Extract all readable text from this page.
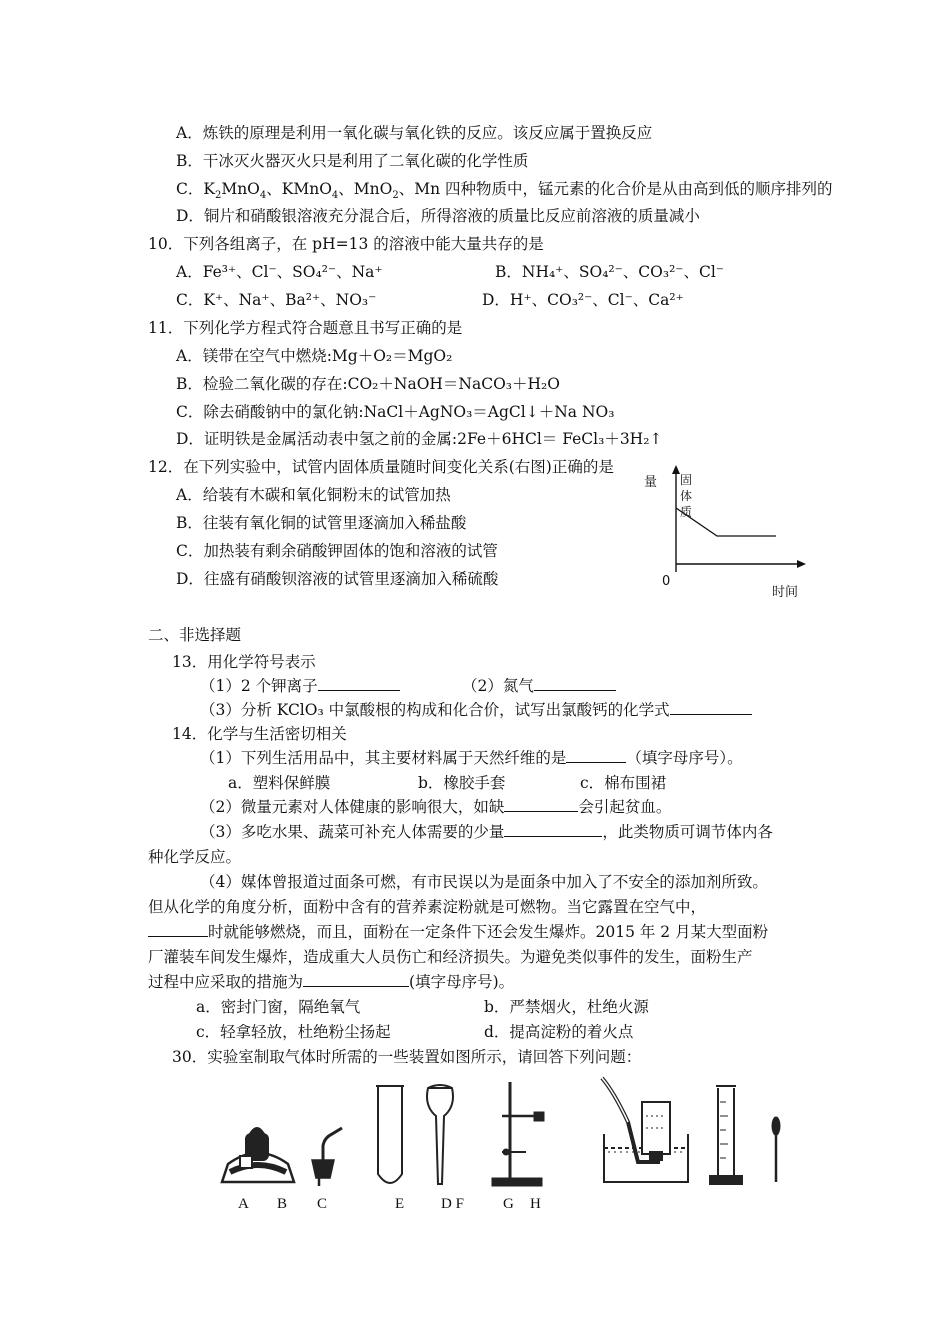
A．炼铁的原理是利用一氧化碳与氧化铁的反应。该反应属于置换反应
B．干冰灭火器灭火只是利用了二氧化碳的化学性质
C．$K_2MnO_4$、KMnO$_4$、MnO$_2$、Mn 四种物质中，锰元素的化合价是从由高到低的顺序排列的
D．铜片和硝酸银溶液充分混合后，所得溶液的质量比反应前溶液的质量减小
10．下列各组离子，在 pH=13 的溶液中能大量共存的是
A．Fe³⁺、Cl⁻、SO₄²⁻、Na⁺	B．NH₄⁺、SO₄²⁻、CO₃²⁻、Cl⁻
C．K⁺、Na⁺、Ba²⁺、NO₃⁻	D．H⁺、CO₃²⁻、Cl⁻、Ca²⁺
11．下列化学方程式符合题意且书写正确的是
A．镁带在空气中燃烧:Mg＋O₂＝MgO₂
B．检验二氧化碳的存在:CO₂＋NaOH＝NaCO₃＋H₂O
C．除去硝酸钠中的氯化钠:NaCl＋AgNO₃＝AgCl↓＋Na NO₃
D．证明铁是金属活动表中氢之前的金属:2Fe＋6HCl＝ FeCl₃＋3H₂↑
12．在下列实验中，试管内固体质量随时间变化关系(右图)正确的是
A．给装有木碳和氧化铜粉末的试管加热
B．往装有氧化铜的试管里逐滴加入稀盐酸
C．加热装有剩余硝酸钾固体的饱和溶液的试管
D．往盛有硝酸钡溶液的试管里逐滴加入稀硫酸
量 固
体
质
0
时间
二、非选择题
13．用化学符号表示
（1）2 个钾离子	（2）氮气
（3）分析 KClO₃ 中氯酸根的构成和化合价，试写出氯酸钙的化学式
14．化学与生活密切相关
（1）下列生活用品中，其主要材料属于天然纤维的是	（填字母序号）。
a．塑料保鲜膜	b．橡胶手套	c．棉布围裙
（2）微量元素对人体健康的影响很大，如缺	会引起贫血。
（3）多吃水果、蔬菜可补充人体需要的少量	，此类物质可调节体内各
种化学反应。
（4）媒体曾报道过面条可燃，有市民误以为是面条中加入了不安全的添加剂所致。
但从化学的角度分析，面粉中含有的营养素淀粉就是可燃物。当它露置在空气中，
时就能够燃烧，而且，面粉在一定条件下还会发生爆炸。2015 年 2 月某大型面粉
厂灌装车间发生爆炸，造成重大人员伤亡和经济损失。为避免类似事件的发生，面粉生产
过程中应采取的措施为	(填字母序号)。
a．密封门窗，隔绝氧气	b．严禁烟火，杜绝火源
c．轻拿轻放，杜绝粉尘扬起	d．提高淀粉的着火点
30．实验室制取气体时所需的一些装置如图所示，请回答下列问题：
A B C	E D F	G H
